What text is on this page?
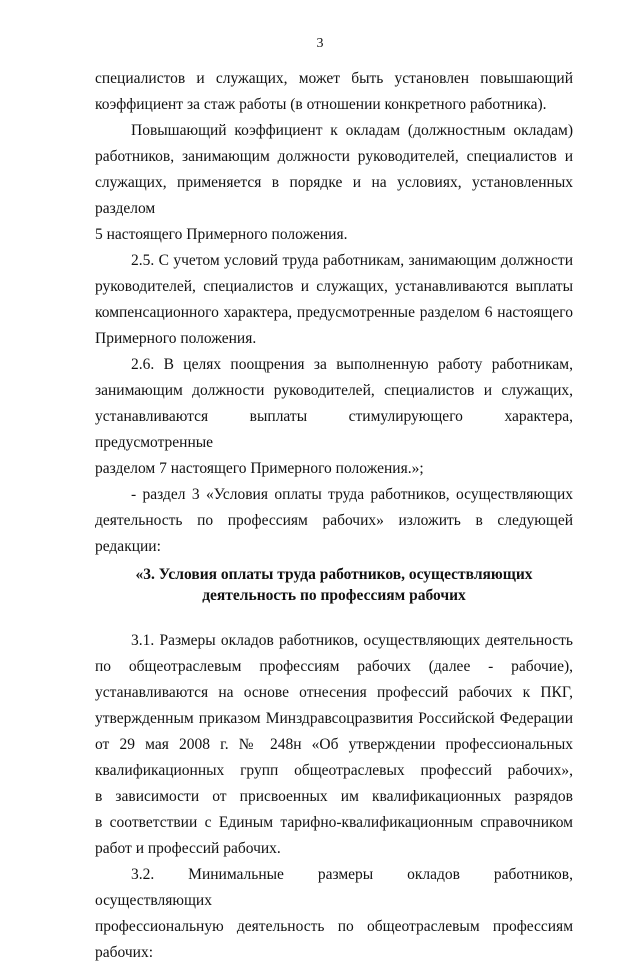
3
специалистов и служащих, может быть установлен повышающий
коэффициент за стаж работы (в отношении конкретного работника).
Повышающий коэффициент к окладам (должностным окладам)
работников, занимающим должности руководителей, специалистов и
служащих, применяется в порядке и на условиях, установленных разделом
5 настоящего Примерного положения.
2.5. С учетом условий труда работникам, занимающим должности
руководителей, специалистов и служащих, устанавливаются выплаты
компенсационного характера, предусмотренные разделом 6 настоящего
Примерного положения.
2.6. В целях поощрения за выполненную работу работникам,
занимающим должности руководителей, специалистов и служащих,
устанавливаются выплаты стимулирующего характера, предусмотренные
разделом 7 настоящего Примерного положения.»;
- раздел 3 «Условия оплаты труда работников, осуществляющих
деятельность по профессиям рабочих» изложить в следующей редакции:
«3. Условия оплаты труда работников, осуществляющих
деятельность по профессиям рабочих
3.1. Размеры окладов работников, осуществляющих деятельность
по общеотраслевым профессиям рабочих (далее - рабочие),
устанавливаются на основе отнесения профессий рабочих к ПКГ,
утвержденным приказом Минздравсоцразвития Российской Федерации
от 29 мая 2008 г. № 248н «Об утверждении профессиональных
квалификационных групп общеотраслевых профессий рабочих»,
в зависимости от присвоенных им квалификационных разрядов
в соответствии с Единым тарифно-квалификационным справочником
работ и профессий рабочих.
3.2. Минимальные размеры окладов работников, осуществляющих
профессиональную деятельность по общеотраслевым профессиям
рабочих:
